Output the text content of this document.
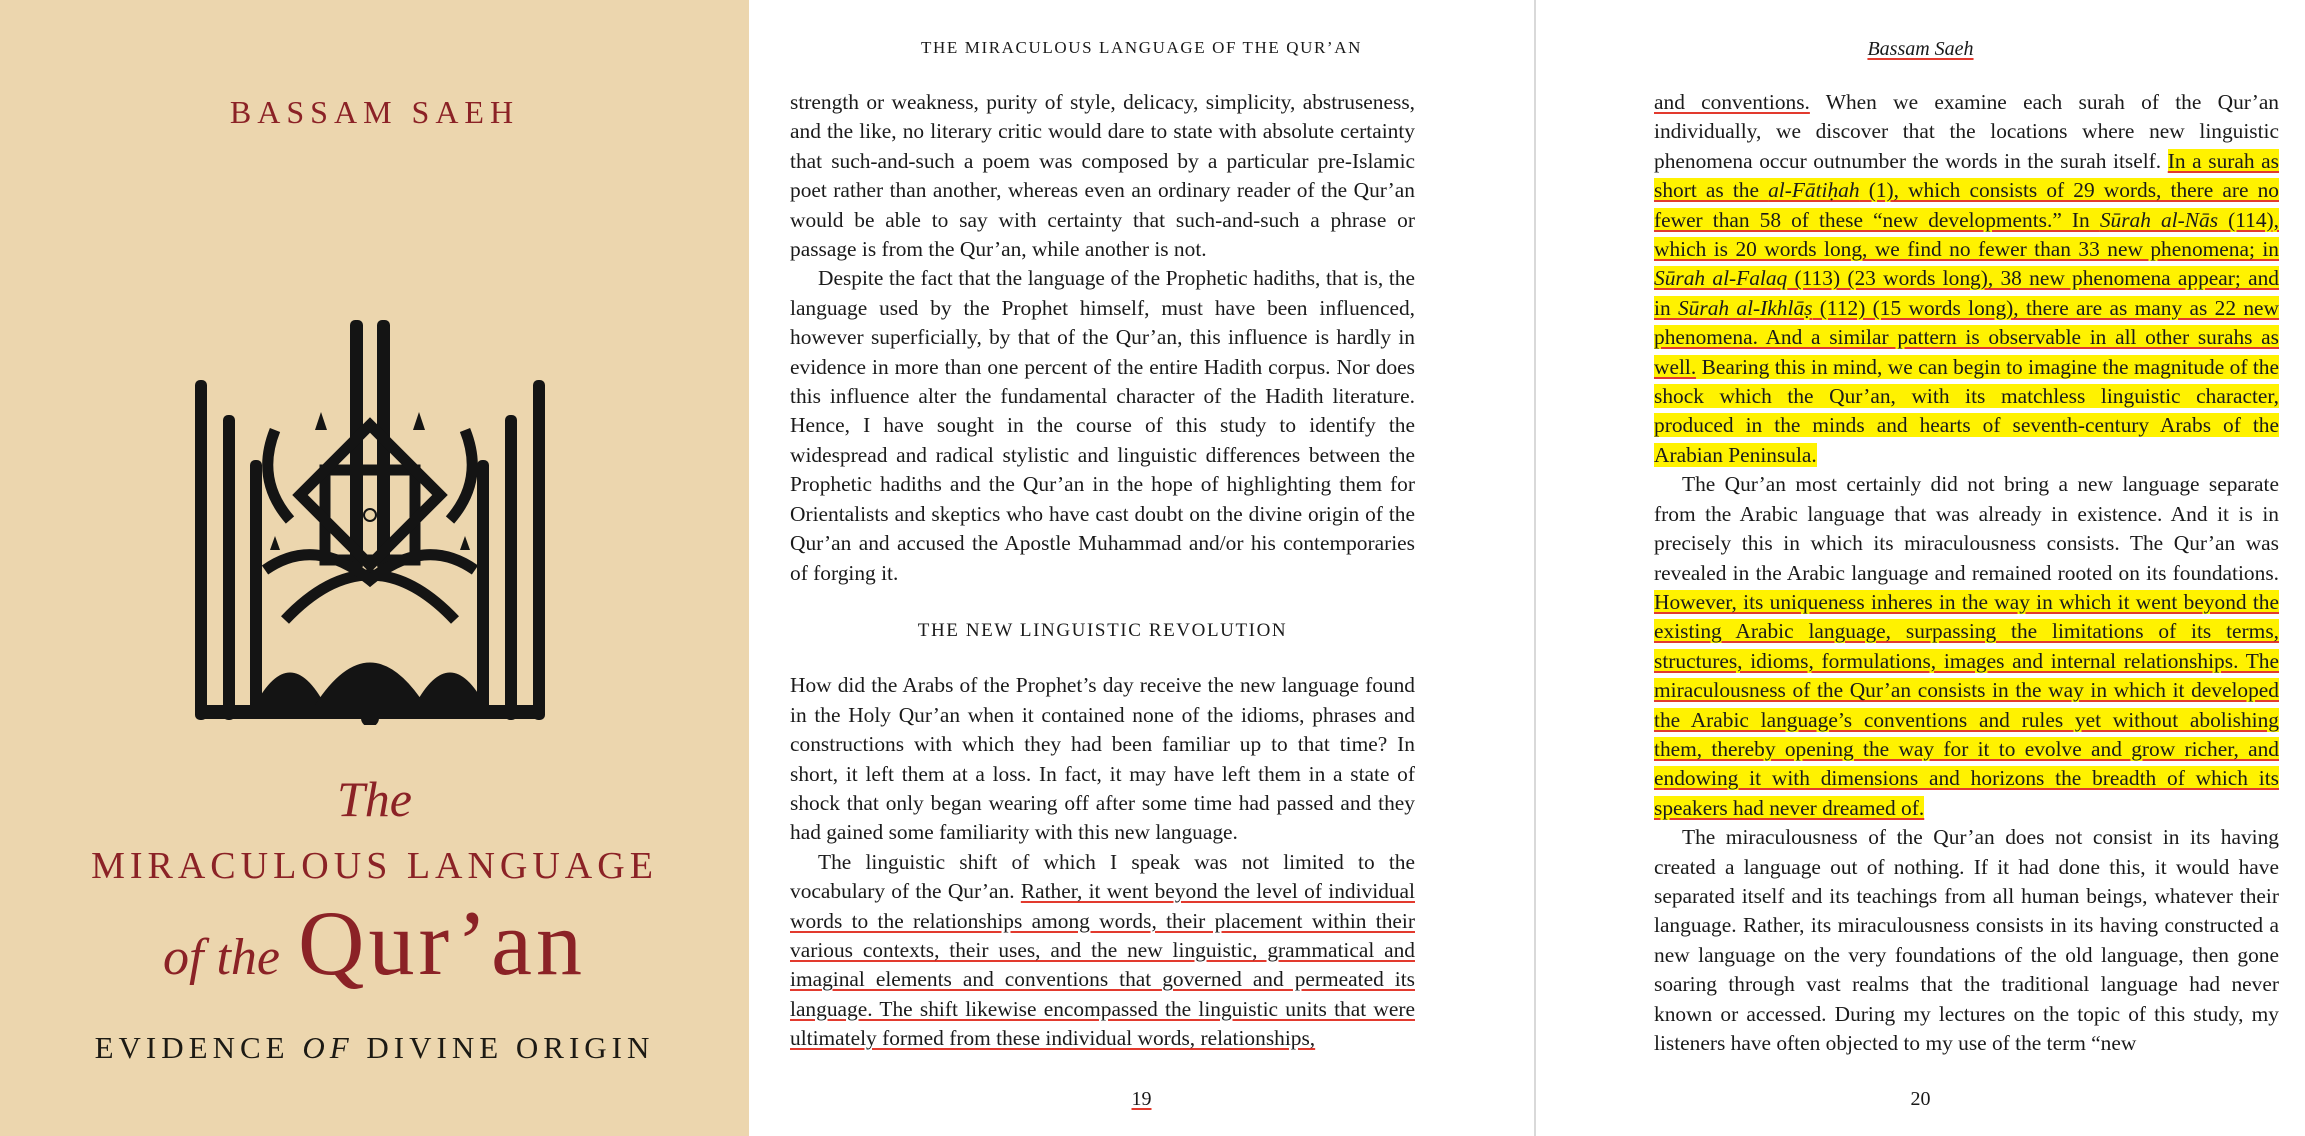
BASSAM SAEH
The
MIRACULOUS LANGUAGE
of the Qur’an
EVIDENCE OF DIVINE ORIGIN
THE MIRACULOUS LANGUAGE OF THE QUR’AN

strength or weakness, purity of style, delicacy, simplicity, abstruseness, and the like, no literary critic would dare to state with absolute certainty that such-and-such a poem was composed by a particular pre-Islamic poet rather than another, whereas even an ordinary reader of the Qur’an would be able to say with certainty that such-and-such a phrase or passage is from the Qur’an, while another is not.

Despite the fact that the language of the Prophetic hadiths, that is, the language used by the Prophet himself, must have been influenced, however superficially, by that of the Qur’an, this influence is hardly in evidence in more than one percent of the entire Hadith corpus. Nor does this influence alter the fundamental character of the Hadith literature. Hence, I have sought in the course of this study to identify the widespread and radical stylistic and linguistic differences between the Prophetic hadiths and the Qur’an in the hope of highlighting them for Orientalists and skeptics who have cast doubt on the divine origin of the Qur’an and accused the Apostle Muhammad and/or his contemporaries of forging it.

THE NEW LINGUISTIC REVOLUTION

How did the Arabs of the Prophet’s day receive the new language found in the Holy Qur’an when it contained none of the idioms, phrases and constructions with which they had been familiar up to that time? In short, it left them at a loss. In fact, it may have left them in a state of shock that only began wearing off after some time had passed and they had gained some familiarity with this new language.

The linguistic shift of which I speak was not limited to the vocabulary of the Qur’an. Rather, it went beyond the level of individual words to the relationships among words, their placement within their various contexts, their uses, and the new linguistic, grammatical and imaginal elements and conventions that governed and permeated its language. The shift likewise encompassed the linguistic units that were ultimately formed from these individual words, relationships,

19
Bassam Saeh

and conventions. When we examine each surah of the Qur’an individually, we discover that the locations where new linguistic phenomena occur outnumber the words in the surah itself. In a surah as short as the al-Fātiḥah (1), which consists of 29 words, there are no fewer than 58 of these “new developments.” In Sūrah al-Nās (114), which is 20 words long, we find no fewer than 33 new phenomena; in Sūrah al-Falaq (113) (23 words long), 38 new phenomena appear; and in Sūrah al-Ikhlāṣ (112) (15 words long), there are as many as 22 new phenomena. And a similar pattern is observable in all other surahs as well. Bearing this in mind, we can begin to imagine the magnitude of the shock which the Qur’an, with its matchless linguistic character, produced in the minds and hearts of seventh-century Arabs of the Arabian Peninsula.

The Qur’an most certainly did not bring a new language separate from the Arabic language that was already in existence. And it is in precisely this in which its miraculousness consists. The Qur’an was revealed in the Arabic language and remained rooted on its foundations. However, its uniqueness inheres in the way in which it went beyond the existing Arabic language, surpassing the limitations of its terms, structures, idioms, formulations, images and internal relationships. The miraculousness of the Qur’an consists in the way in which it developed the Arabic language’s conventions and rules yet without abolishing them, thereby opening the way for it to evolve and grow richer, and endowing it with dimensions and horizons the breadth of which its speakers had never dreamed of.

The miraculousness of the Qur’an does not consist in its having created a language out of nothing. If it had done this, it would have separated itself and its teachings from all human beings, whatever their language. Rather, its miraculousness consists in its having constructed a new language on the very foundations of the old language, then gone soaring through vast realms that the traditional language had never known or accessed. During my lectures on the topic of this study, my listeners have often objected to my use of the term “new

20
